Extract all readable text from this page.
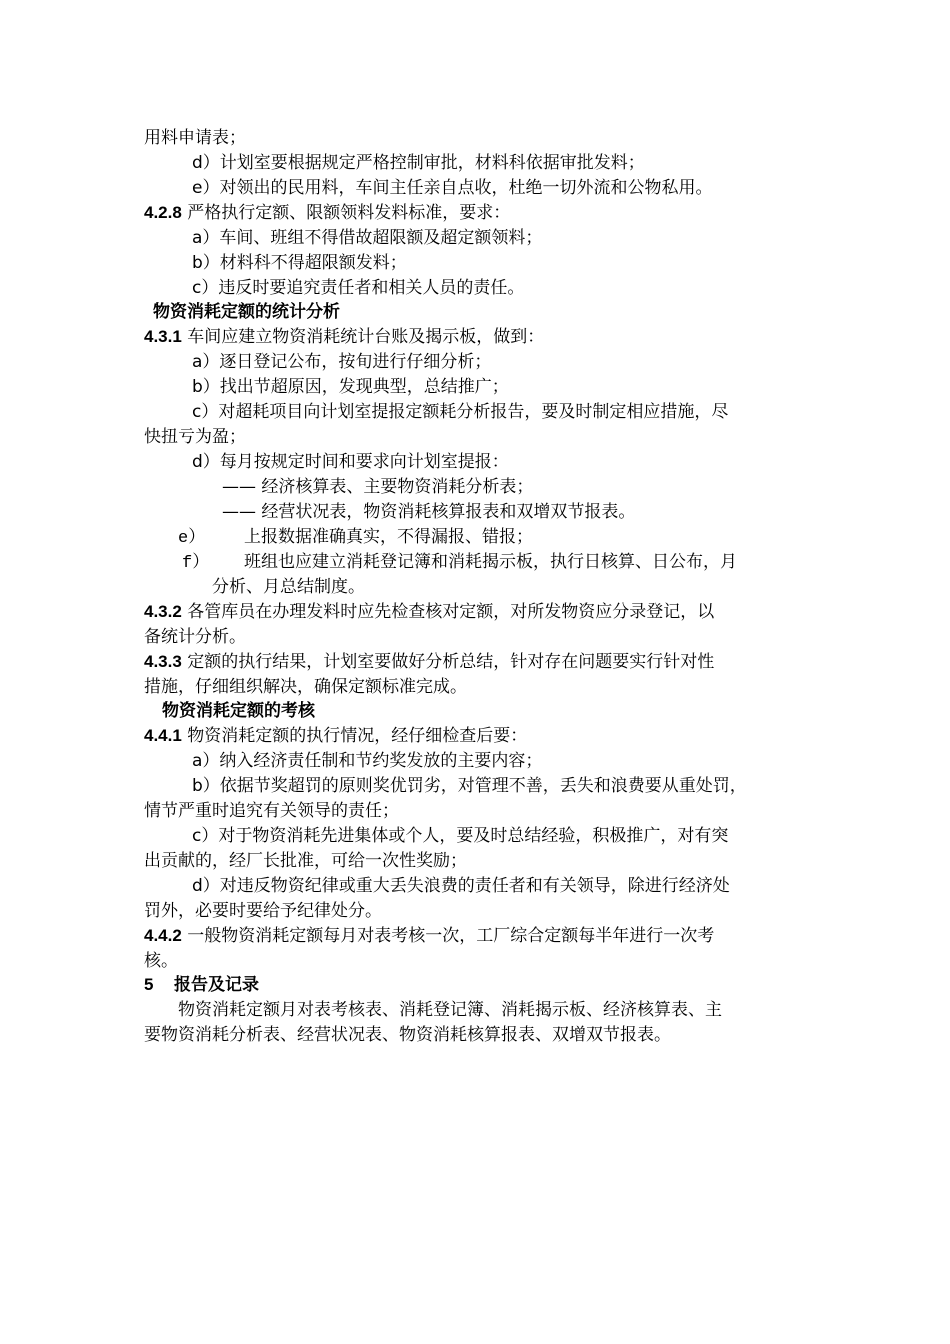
用料申请表；
d）计划室要根据规定严格控制审批，材料科依据审批发料；
e）对领出的民用料，车间主任亲自点收，杜绝一切外流和公物私用。
4.2.8 严格执行定额、限额领料发料标准，要求：
a）车间、班组不得借故超限额及超定额领料；
b）材料科不得超限额发料；
c）违反时要追究责任者和相关人员的责任。
物资消耗定额的统计分析
4.3.1 车间应建立物资消耗统计台账及揭示板，做到：
a）逐日登记公布，按旬进行仔细分析；
b）找出节超原因，发现典型，总结推广；
c）对超耗项目向计划室提报定额耗分析报告，要及时制定相应措施，尽
快扭亏为盈；
d）每月按规定时间和要求向计划室提报：
—— 经济核算表、主要物资消耗分析表；
—— 经营状况表，物资消耗核算报表和双增双节报表。
e） 上报数据准确真实，不得漏报、错报；
f） 班组也应建立消耗登记簿和消耗揭示板，执行日核算、日公布，月
分析、月总结制度。
4.3.2 各管库员在办理发料时应先检查核对定额，对所发物资应分录登记，以
备统计分析。
4.3.3 定额的执行结果，计划室要做好分析总结，针对存在问题要实行针对性
措施，仔细组织解决，确保定额标准完成。
物资消耗定额的考核
4.4.1 物资消耗定额的执行情况，经仔细检查后要：
a）纳入经济责任制和节约奖发放的主要内容；
b）依据节奖超罚的原则奖优罚劣，对管理不善，丢失和浪费要从重处罚，
情节严重时追究有关领导的责任；
c）对于物资消耗先进集体或个人，要及时总结经验，积极推广，对有突
出贡献的，经厂长批准，可给一次性奖励；
d）对违反物资纪律或重大丢失浪费的责任者和有关领导，除进行经济处
罚外，必要时要给予纪律处分。
4.4.2 一般物资消耗定额每月对表考核一次，工厂综合定额每半年进行一次考
核。
5 报告及记录
物资消耗定额月对表考核表、消耗登记簿、消耗揭示板、经济核算表、主
要物资消耗分析表、经营状况表、物资消耗核算报表、双增双节报表。
